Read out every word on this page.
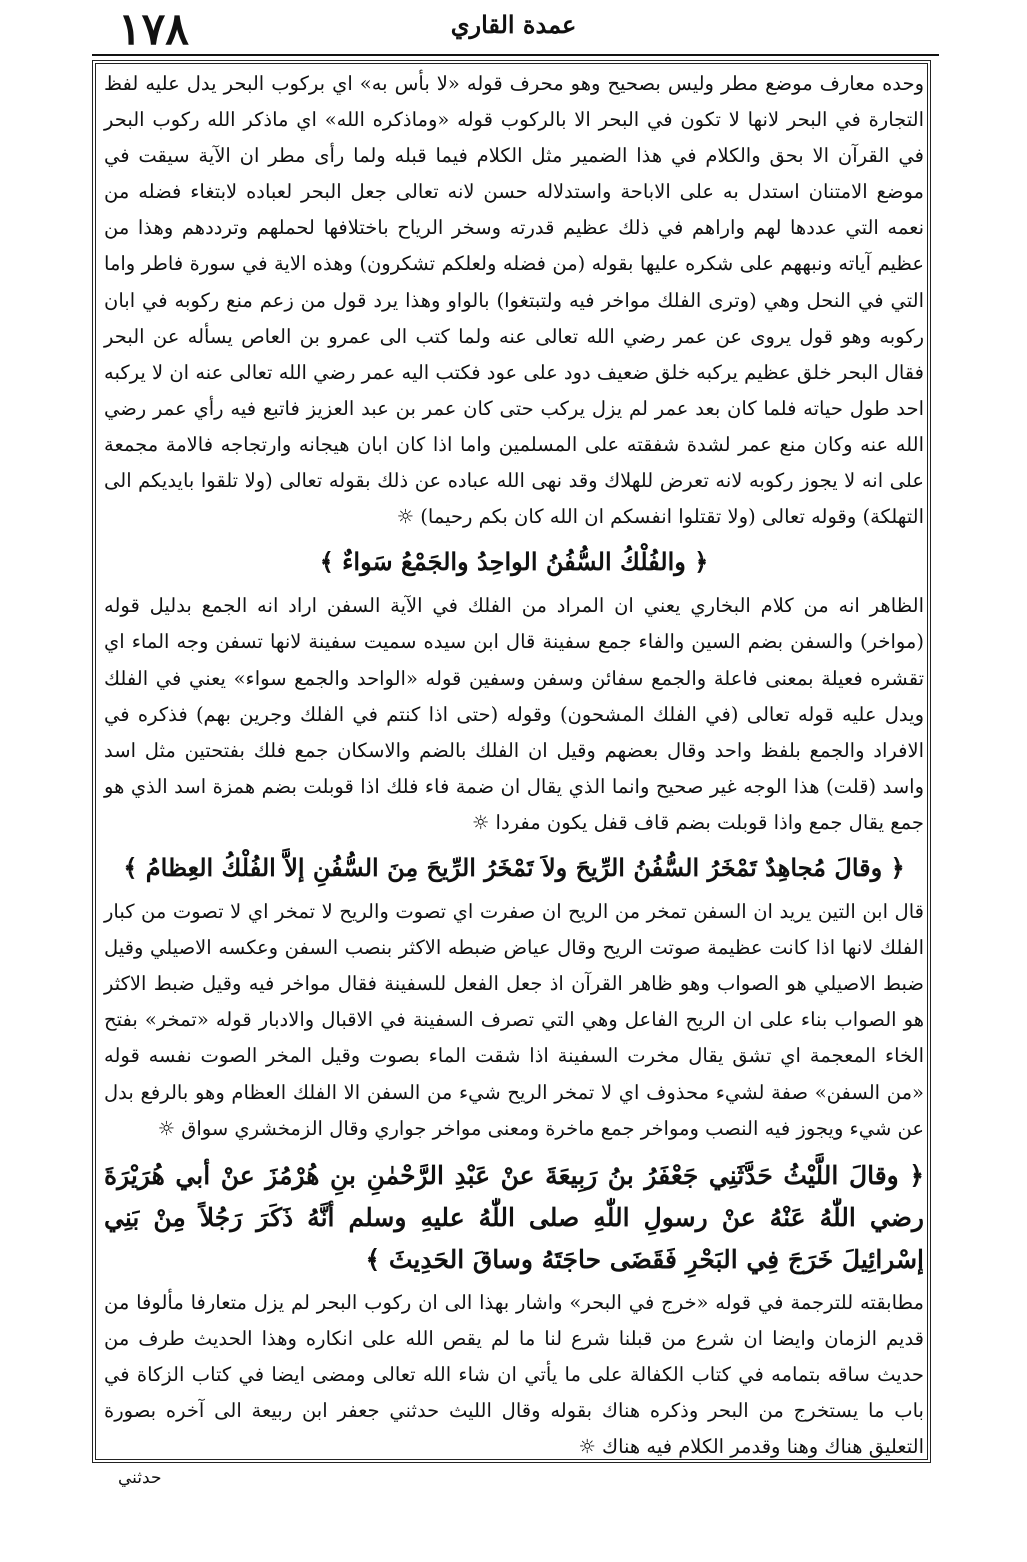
١٧٨	عمدة القاري

وحده معارف موضع مطر وليس بصحيح وهو محرف قوله «لا بأس به» اي بركوب البحر يدل عليه لفظ التجارة في البحر لانها لا تكون في البحر الا بالركوب قوله «وماذكره الله» اي ماذكر الله ركوب البحر في القرآن الا بحق والكلام في هذا الضمير مثل الكلام فيما قبله ولما رأى مطر ان الآية سيقت في موضع الامتنان استدل به على الاباحة واستدلاله حسن لانه تعالى جعل البحر لعباده لابتغاء فضله من نعمه التي عددها لهم واراهم في ذلك عظيم قدرته وسخر الرياح باختلافها لحملهم وترددهم وهذا من عظيم آياته ونبههم على شكره عليها بقوله (من فضله ولعلكم تشكرون) وهذه الاية في سورة فاطر واما التي في النحل وهي (وترى الفلك مواخر فيه ولتبتغوا) بالواو وهذا يرد قول من زعم منع ركوبه في ابان ركوبه وهو قول يروى عن عمر رضي الله تعالى عنه ولما كتب الى عمرو بن العاص يسأله عن البحر فقال البحر خلق عظيم يركبه خلق ضعيف دود على عود فكتب اليه عمر رضي الله تعالى عنه ان لا يركبه احد طول حياته فلما كان بعد عمر لم يزل يركب حتى كان عمر بن عبد العزيز فاتبع فيه رأي عمر رضي الله عنه وكان منع عمر لشدة شفقته على المسلمين واما اذا كان ابان هيجانه وارتجاجه فالامة مجمعة على انه لا يجوز ركوبه لانه تعرض للهلاك وقد نهى الله عباده عن ذلك بقوله تعالى (ولا تلقوا بايديكم الى التهلكة) وقوله تعالى (ولا تقتلوا انفسكم ان الله كان بكم رحيما) ☼

﴿ والفُلْكُ السُّفُنُ الواحِدُ والجَمْعُ سَواءٌ ﴾

الظاهر انه من كلام البخاري يعني ان المراد من الفلك في الآية السفن اراد انه الجمع بدليل قوله (مواخر) والسفن بضم السين والفاء جمع سفينة قال ابن سيده سميت سفينة لانها تسفن وجه الماء اي تقشره فعيلة بمعنى فاعلة والجمع سفائن وسفن وسفين قوله «الواحد والجمع سواء» يعني في الفلك ويدل عليه قوله تعالى (في الفلك المشحون) وقوله (حتى اذا كنتم في الفلك وجرين بهم) فذكره في الافراد والجمع بلفظ واحد وقال بعضهم وقيل ان الفلك بالضم والاسكان جمع فلك بفتحتين مثل اسد واسد (قلت) هذا الوجه غير صحيح وانما الذي يقال ان ضمة فاء فلك اذا قوبلت بضم همزة اسد الذي هو جمع يقال جمع واذا قوبلت بضم قاف قفل يكون مفردا ☼

﴿ وقالَ مُجاهِدٌ تَمْخَرُ السُّفُنُ الرِّيحَ ولاَ تَمْخَرُ الرِّيحَ مِنَ السُّفُنِ إلاَّ الفُلْكُ العِظامُ ﴾

قال ابن التين يريد ان السفن تمخر من الريح ان صفرت اي تصوت والريح لا تمخر اي لا تصوت من كبار الفلك لانها اذا كانت عظيمة صوتت الريح وقال عياض ضبطه الاكثر بنصب السفن وعكسه الاصيلي وقيل ضبط الاصيلي هو الصواب وهو ظاهر القرآن اذ جعل الفعل للسفينة فقال مواخر فيه وقيل ضبط الاكثر هو الصواب بناء على ان الريح الفاعل وهي التي تصرف السفينة في الاقبال والادبار قوله «تمخر» بفتح الخاء المعجمة اي تشق يقال مخرت السفينة اذا شقت الماء بصوت وقيل المخر الصوت نفسه قوله «من السفن» صفة لشيء محذوف اي لا تمخر الريح شيء من السفن الا الفلك العظام وهو بالرفع بدل عن شيء ويجوز فيه النصب ومواخر جمع ماخرة ومعنى مواخر جواري وقال الزمخشري سواق ☼

﴿ وقالَ اللَّيْثُ حَدَّثَنِي جَعْفَرُ بنُ رَبِيعَةَ عنْ عَبْدِ الرَّحْمٰنِ بنِ هُرْمُزَ عنْ أبي هُرَيْرَةَ رضي اللّٰهُ عَنْهُ عنْ رسولِ اللّٰهِ صلى اللّٰهُ عليهِ وسلم أنَّهُ ذَكَرَ رَجُلاً مِنْ بَنِي إسْرائِيلَ خَرَجَ فِي البَحْرِ فَقَضَى حاجَتَهُ وساقَ الحَدِيثَ ﴾

مطابقته للترجمة في قوله «خرج في البحر» واشار بهذا الى ان ركوب البحر لم يزل متعارفا مألوفا من قديم الزمان وايضا ان شرع من قبلنا شرع لنا ما لم يقص الله على انكاره وهذا الحديث طرف من حديث ساقه بتمامه في كتاب الكفالة على ما يأتي ان شاء الله تعالى ومضى ايضا في كتاب الزكاة في باب ما يستخرج من البحر وذكره هناك بقوله وقال الليث حدثني جعفر ابن ربيعة الى آخره بصورة التعليق هناك وهنا وقدمر الكلام فيه هناك ☼

حدثني
